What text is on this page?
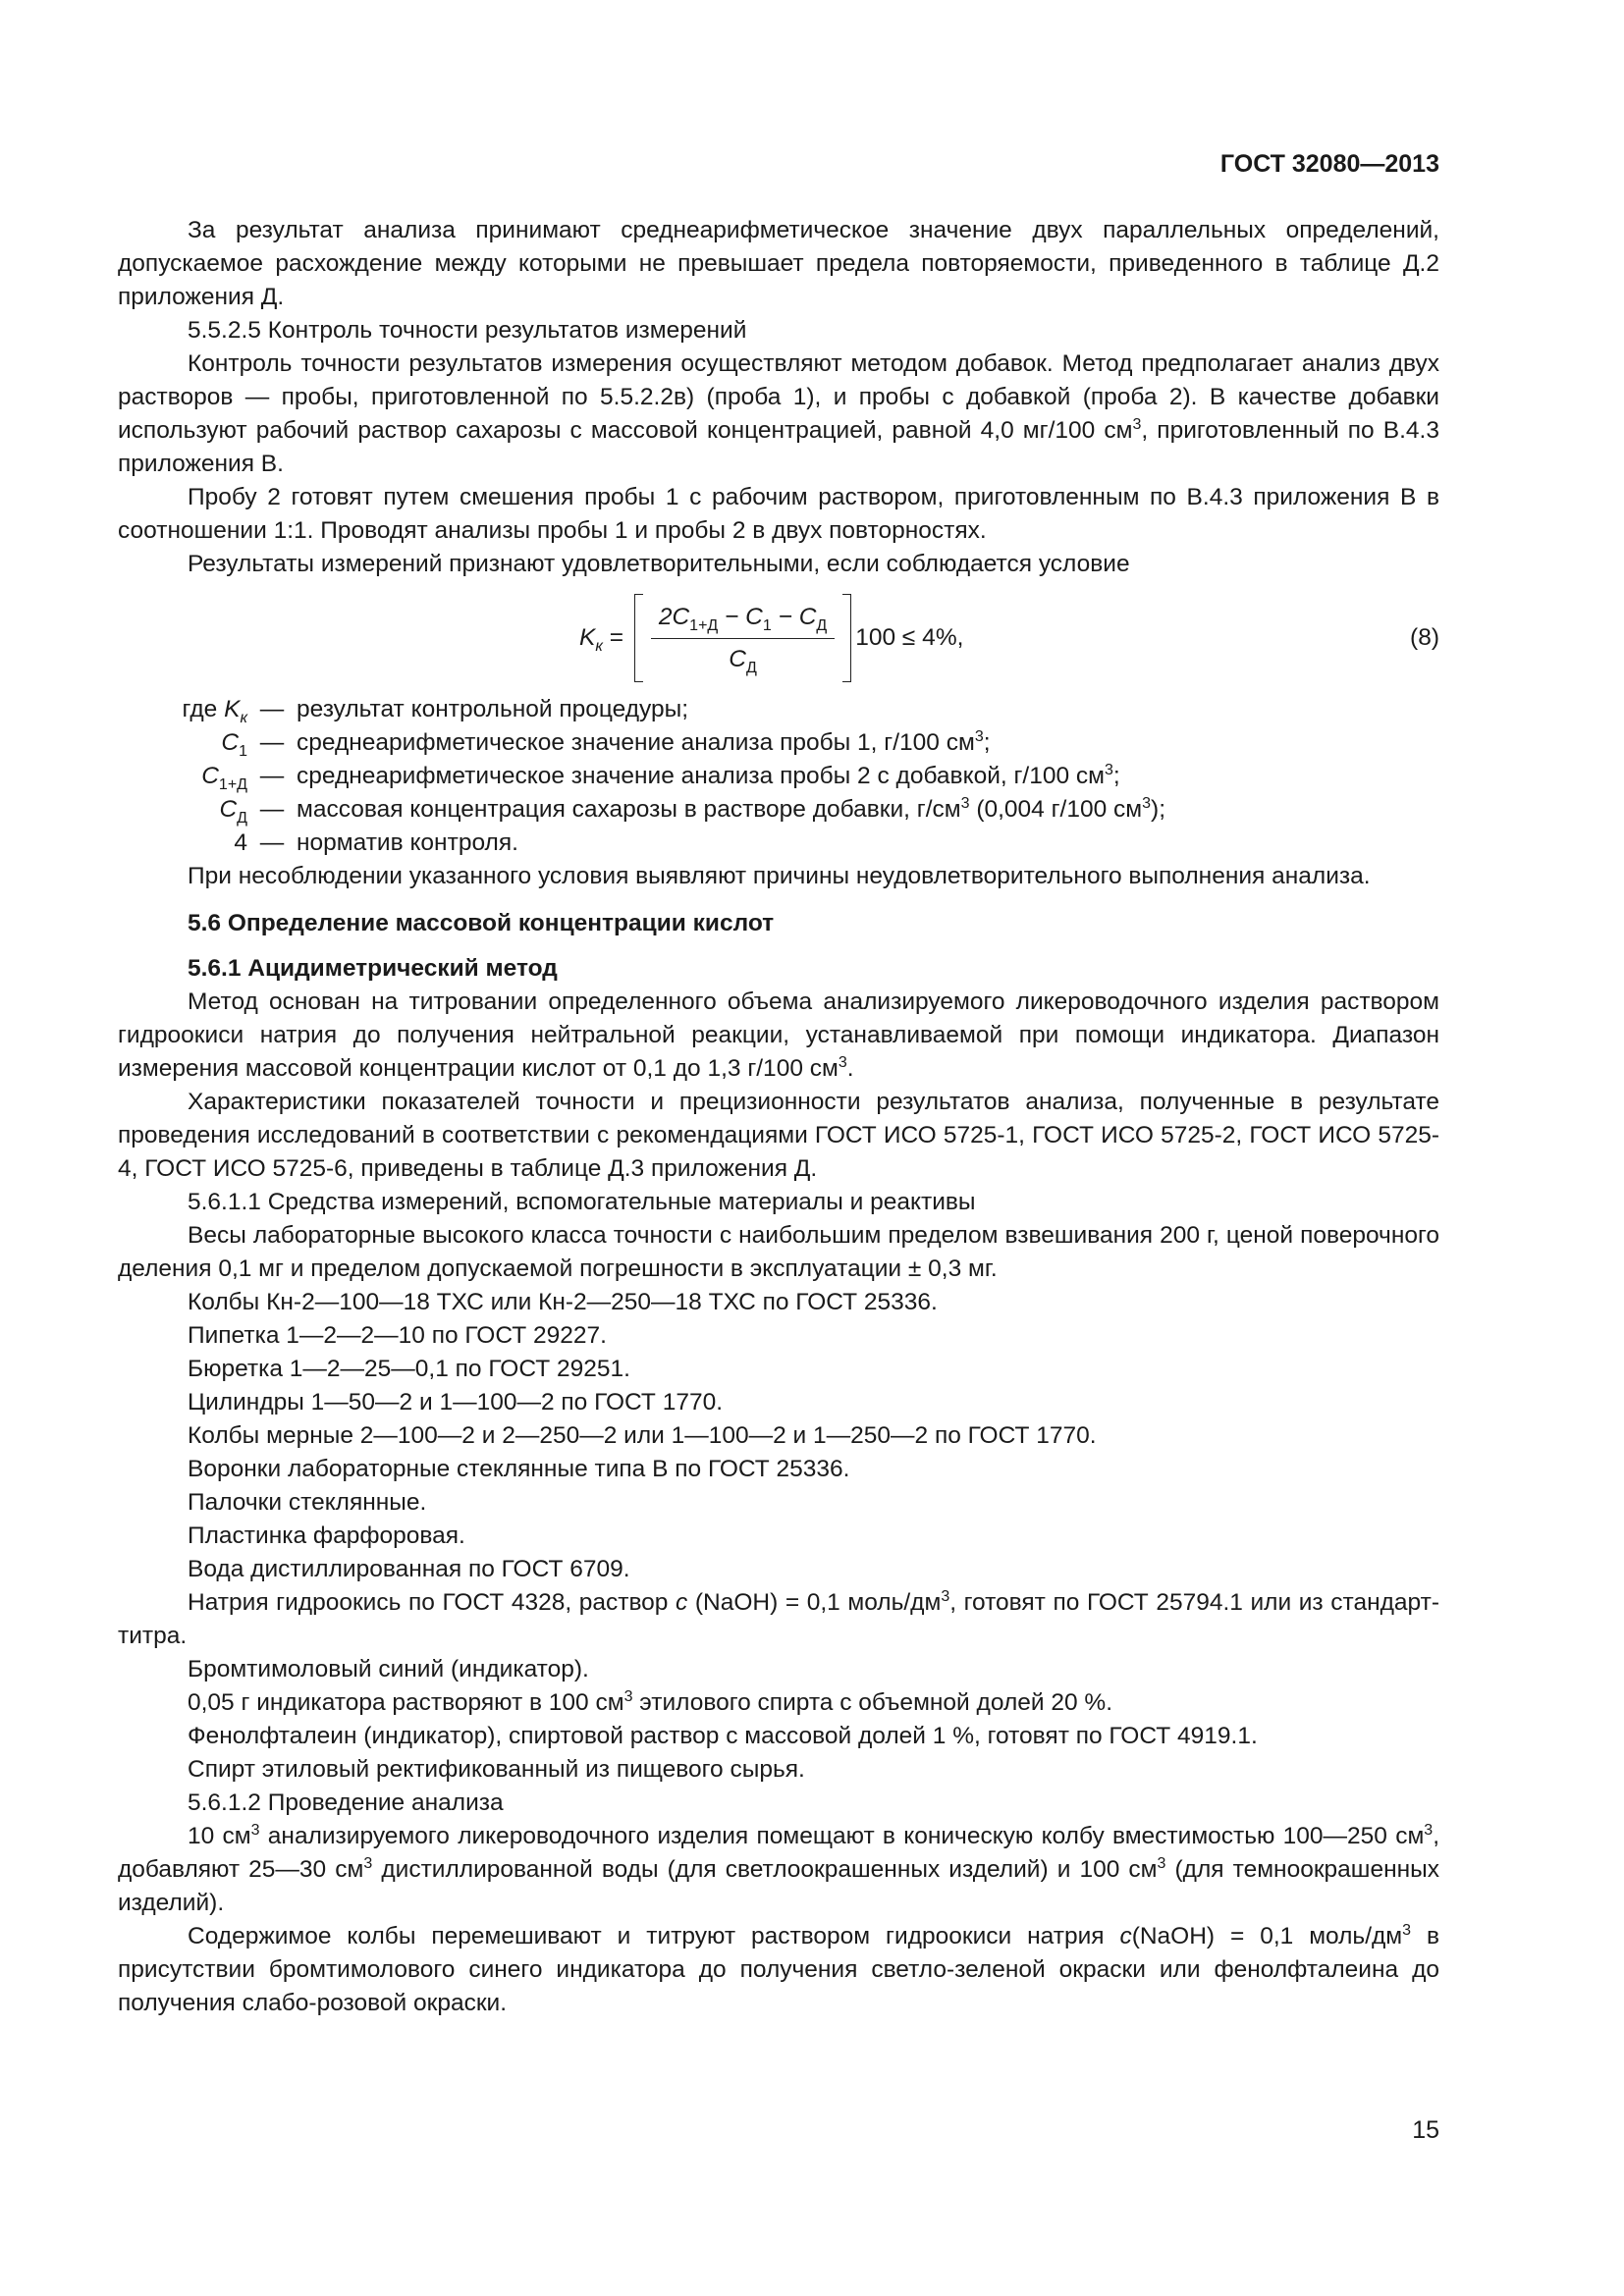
ГОСТ 32080—2013

За результат анализа принимают среднеарифметическое значение двух параллельных определений, допускаемое расхождение между которыми не превышает предела повторяемости, приведенного в таблице Д.2 приложения Д.

5.5.2.5 Контроль точности результатов измерений

Контроль точности результатов измерения осуществляют методом добавок. Метод предполагает анализ двух растворов — пробы, приготовленной по 5.5.2.2в) (проба 1), и пробы с добавкой (проба 2). В качестве добавки используют рабочий раствор сахарозы с массовой концентрацией, равной 4,0 мг/100 $см^3$, приготовленный по В.4.3 приложения В.

Пробу 2 готовят путем смешения пробы 1 с рабочим раствором, приготовленным по В.4.3 приложения В в соотношении 1:1. Проводят анализы пробы 1 и пробы 2 в двух повторностях.

Результаты измерений признают удовлетворительными, если соблюдается условие

$K_к$
=
$\frac{2C_{1+Д} - C_1 - C_Д}{C_Д} 100 \le 4\%$,	(8)
где $K_к$ — результат контрольной процедуры;
$C_1$ — среднеарифметическое значение анализа пробы 1, г/100 $см^3$;
$C_{1+Д}$ — среднеарифметическое значение анализа пробы 2 с добавкой, г/100 $см^3$;
$C_Д$ — массовая концентрация сахарозы в растворе добавки, $г/см^3$ (0,004 г/100 $см^3$);
4 — норматив контроля.

При несоблюдении указанного условия выявляют причины неудовлетворительного выполнения анализа.

5.6 Определение массовой концентрации кислот

5.6.1 Ацидиметрический метод

Метод основан на титровании определенного объема анализируемого ликероводочного изделия раствором гидроокиси натрия до получения нейтральной реакции, устанавливаемой при помощи индикатора. Диапазон измерения массовой концентрации кислот от 0,1 до 1,3 г/100 $см^3$.

Характеристики показателей точности и прецизионности результатов анализа, полученные в результате проведения исследований в соответствии с рекомендациями ГОСТ ИСО 5725-1, ГОСТ ИСО 5725-2, ГОСТ ИСО 5725-4, ГОСТ ИСО 5725-6, приведены в таблице Д.3 приложения Д.

5.6.1.1 Средства измерений, вспомогательные материалы и реактивы

Весы лабораторные высокого класса точности с наибольшим пределом взвешивания 200 г, ценой поверочного деления 0,1 мг и пределом допускаемой погрешности в эксплуатации ± 0,3 мг.

Колбы Кн-2—100—18 ТХС или Кн-2—250—18 ТХС по ГОСТ 25336.

Пипетка 1—2—2—10 по ГОСТ 29227.

Бюретка 1—2—25—0,1 по ГОСТ 29251.

Цилиндры 1—50—2 и 1—100—2 по ГОСТ 1770.

Колбы мерные 2—100—2 и 2—250—2 или 1—100—2 и 1—250—2 по ГОСТ 1770.

Воронки лабораторные стеклянные типа В по ГОСТ 25336.

Палочки стеклянные.

Пластинка фарфоровая.

Вода дистиллированная по ГОСТ 6709.

Натрия гидроокись по ГОСТ 4328, раствор c (NaOH) = 0,1 моль/$дм^3$, готовят по ГОСТ 25794.1 или из стандарт-титра.

Бромтимоловый синий (индикатор).

0,05 г индикатора растворяют в 100 $см^3$ этилового спирта с объемной долей 20 %.

Фенолфталеин (индикатор), спиртовой раствор с массовой долей 1 %, готовят по ГОСТ 4919.1.

Спирт этиловый ректификованный из пищевого сырья.

5.6.1.2 Проведение анализа

10 $см^3$ анализируемого ликероводочного изделия помещают в коническую колбу вместимостью 100—250 $см^3$, добавляют 25—30 $см^3$ дистиллированной воды (для светлоокрашенных изделий) и 100 $см^3$ (для темноокрашенных изделий).

Содержимое колбы перемешивают и титруют раствором гидроокиси натрия c(NaOH) = 0,1 моль/$дм^3$ в присутствии бромтимолового синего индикатора до получения светло-зеленой окраски или фенолфталеина до получения слабо-розовой окраски.

15
